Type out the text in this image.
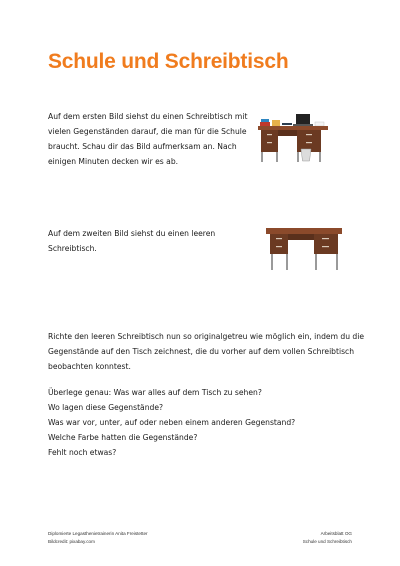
Schule und Schreibtisch
Auf dem ersten Bild siehst du einen Schreibtisch mit vielen Gegenständen darauf, die man für die Schule braucht. Schau dir das Bild aufmerksam an. Nach einigen Minuten decken wir es ab.
Auf dem zweiten Bild siehst du einen leeren Schreibtisch.
Richte den leeren Schreibtisch nun so originalgetreu wie möglich ein, indem du die Gegenstände auf den Tisch zeichnest, die du vorher auf dem vollen Schreibtisch beobachten konntest.
Überlege genau: Was war alles auf dem Tisch zu sehen?
Wo lagen diese Gegenstände?
Was war vor, unter, auf oder neben einem anderen Gegenstand?
Welche Farbe hatten die Gegenstände?
Fehlt noch etwas?
Diplomierte Legasthenietrainerin Anita Freistetter
Bildcredit: pixabay.com
Arbeitsblatt OG
Schule und Schreibtisch
